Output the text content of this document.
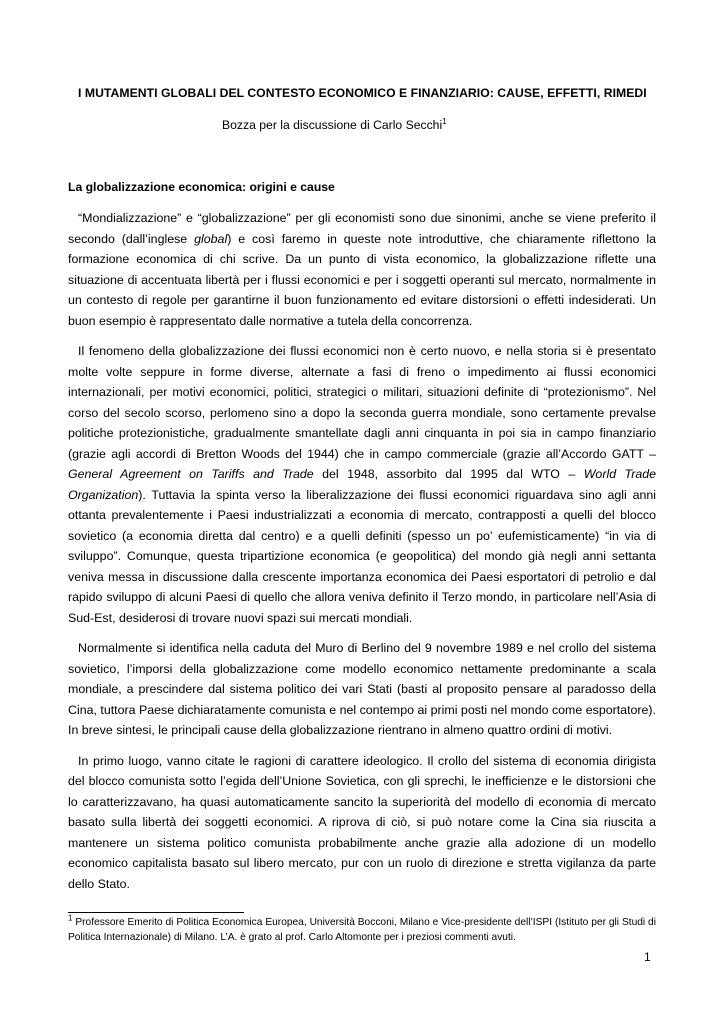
I MUTAMENTI GLOBALI DEL CONTESTO ECONOMICO E FINANZIARIO: CAUSE, EFFETTI, RIMEDI
Bozza per la discussione di Carlo Secchi$^1$
La globalizzazione economica: origini e cause

“Mondializzazione” e “globalizzazione” per gli economisti sono due sinonimi, anche se viene preferito il secondo (dall’inglese global) e così faremo in queste note introduttive, che chiaramente riflettono la formazione economica di chi scrive. Da un punto di vista economico, la globalizzazione riflette una situazione di accentuata libertà per i flussi economici e per i soggetti operanti sul mercato, normalmente in un contesto di regole per garantirne il buon funzionamento ed evitare distorsioni o effetti indesiderati. Un buon esempio è rappresentato dalle normative a tutela della concorrenza.

Il fenomeno della globalizzazione dei flussi economici non è certo nuovo, e nella storia si è presentato molte volte seppure in forme diverse, alternate a fasi di freno o impedimento ai flussi economici internazionali, per motivi economici, politici, strategici o militari, situazioni definite di “protezionismo”. Nel corso del secolo scorso, perlomeno sino a dopo la seconda guerra mondiale, sono certamente prevalse politiche protezionistiche, gradualmente smantellate dagli anni cinquanta in poi sia in campo finanziario (grazie agli accordi di Bretton Woods del 1944) che in campo commerciale (grazie all’Accordo GATT – General Agreement on Tariffs and Trade del 1948, assorbito dal 1995 dal WTO – World Trade Organization). Tuttavia la spinta verso la liberalizzazione dei flussi economici riguardava sino agli anni ottanta prevalentemente i Paesi industrializzati a economia di mercato, contrapposti a quelli del blocco sovietico (a economia diretta dal centro) e a quelli definiti (spesso un po’ eufemisticamente) “in via di sviluppo”. Comunque, questa tripartizione economica (e geopolitica) del mondo già negli anni settanta veniva messa in discussione dalla crescente importanza economica dei Paesi esportatori di petrolio e dal rapido sviluppo di alcuni Paesi di quello che allora veniva definito il Terzo mondo, in particolare nell’Asia di Sud-Est, desiderosi di trovare nuovi spazi sui mercati mondiali.

Normalmente si identifica nella caduta del Muro di Berlino del 9 novembre 1989 e nel crollo del sistema sovietico, l’imporsi della globalizzazione come modello economico nettamente predominante a scala mondiale, a prescindere dal sistema politico dei vari Stati (basti al proposito pensare al paradosso della Cina, tuttora Paese dichiaratamente comunista e nel contempo ai primi posti nel mondo come esportatore). In breve sintesi, le principali cause della globalizzazione rientrano in almeno quattro ordini di motivi.

In primo luogo, vanno citate le ragioni di carattere ideologico. Il crollo del sistema di economia dirigista del blocco comunista sotto l’egida dell’Unione Sovietica, con gli sprechi, le inefficienze e le distorsioni che lo caratterizzavano, ha quasi automaticamente sancito la superiorità del modello di economia di mercato basato sulla libertà dei soggetti economici. A riprova di ciò, si può notare come la Cina sia riuscita a mantenere un sistema politico comunista probabilmente anche grazie alla adozione di un modello economico capitalista basato sul libero mercato, pur con un ruolo di direzione e stretta vigilanza da parte dello Stato.

$^1$ Professore Emerito di Politica Economica Europea, Università Bocconi, Milano e Vice-presidente dell’ISPI (Istituto per gli Studi di Politica Internazionale) di Milano. L’A. è grato al prof. Carlo Altomonte per i preziosi commenti avuti.
1
